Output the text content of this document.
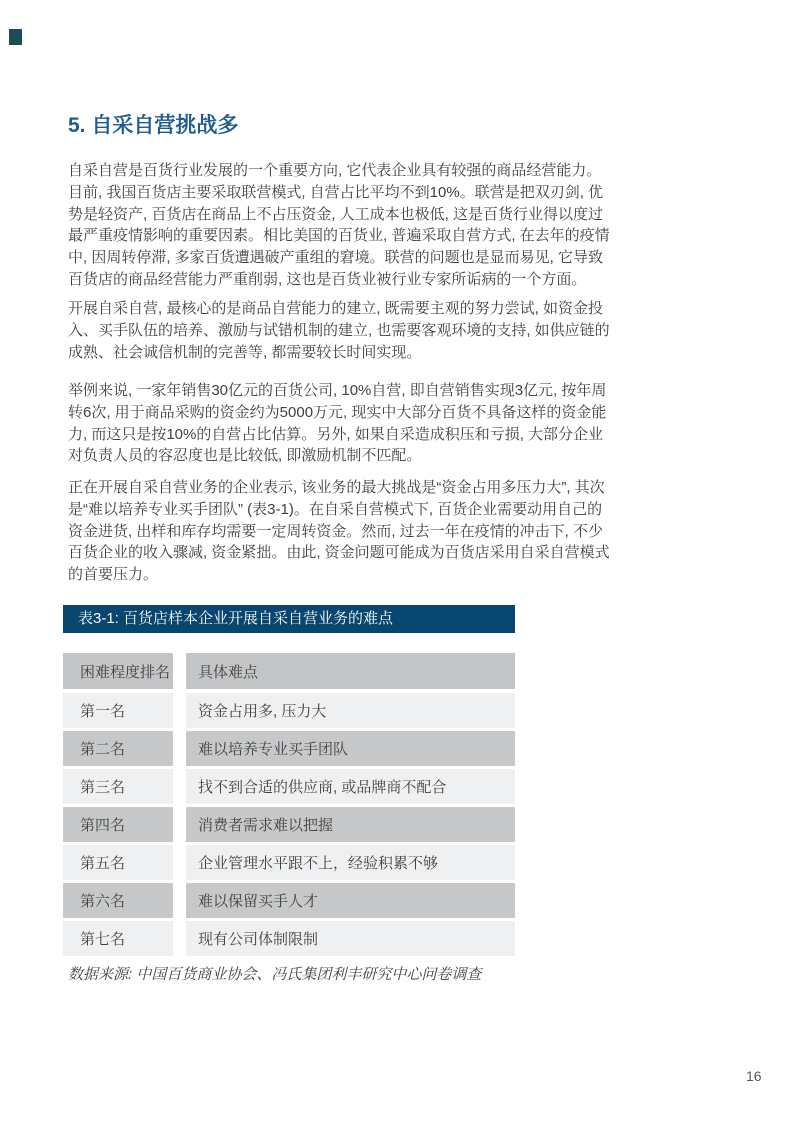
5. 自采自营挑战多

自采自营是百货行业发展的一个重要方向, 它代表企业具有较强的商品经营能力。目前, 我国百货店主要采取联营模式, 自营占比平均不到10%。联营是把双刃剑, 优势是轻资产, 百货店在商品上不占压资金, 人工成本也极低, 这是百货行业得以度过最严重疫情影响的重要因素。相比美国的百货业, 普遍采取自营方式, 在去年的疫情中, 因周转停滞, 多家百货遭遇破产重组的窘境。联营的问题也是显而易见, 它导致百货店的商品经营能力严重削弱, 这也是百货业被行业专家所诟病的一个方面。

开展自采自营, 最核心的是商品自营能力的建立, 既需要主观的努力尝试, 如资金投入、买手队伍的培养、激励与试错机制的建立, 也需要客观环境的支持, 如供应链的成熟、社会诚信机制的完善等, 都需要较长时间实现。

举例来说, 一家年销售30亿元的百货公司, 10%自营, 即自营销售实现3亿元, 按年周转6次, 用于商品采购的资金约为5000万元, 现实中大部分百货不具备这样的资金能力, 而这只是按10%的自营占比估算。另外, 如果自采造成积压和亏损, 大部分企业对负责人员的容忍度也是比较低, 即激励机制不匹配。

正在开展自采自营业务的企业表示, 该业务的最大挑战是“资金占用多压力大”, 其次是“难以培养专业买手团队” (表3-1)。在自采自营模式下, 百货企业需要动用自己的资金进货, 出样和库存均需要一定周转资金。然而, 过去一年在疫情的冲击下, 不少百货企业的收入骤减, 资金紧拙。由此, 资金问题可能成为百货店采用自采自营模式的首要压力。

表3-1: 百货店样本企业开展自采自营业务的难点
困难程度排名	具体难点
第一名	资金占用多, 压力大
第二名	难以培养专业买手团队
第三名	找不到合适的供应商, 或品牌商不配合
第四名	消费者需求难以把握
第五名	企业管理水平跟不上，经验积累不够
第六名	难以保留买手人才
第七名	现有公司体制限制
数据来源: 中国百货商业协会、冯氏集团利丰研究中心问卷调查
16
